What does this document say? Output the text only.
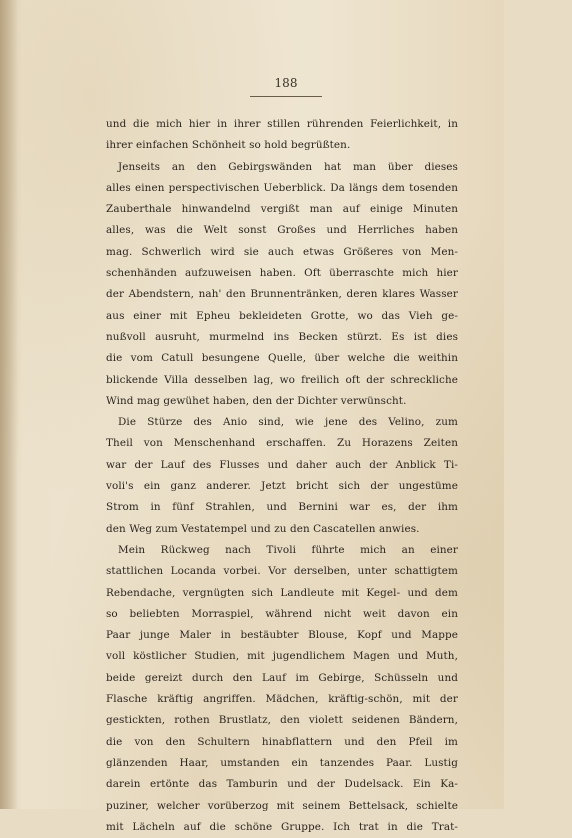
188
und die mich hier in ihrer stillen rührenden Feierlichkeit, in
ihrer einfachen Schönheit so hold begrüßten.
Jenseits an den Gebirgswänden hat man über dieses
alles einen perspectivischen Ueberblick. Da längs dem tosenden
Zauberthale hinwandelnd vergißt man auf einige Minuten
alles, was die Welt sonst Großes und Herrliches haben
mag. Schwerlich wird sie auch etwas Größeres von Men-
schenhänden aufzuweisen haben. Oft überraschte mich hier
der Abendstern, nah' den Brunnentränken, deren klares Wasser
aus einer mit Epheu bekleideten Grotte, wo das Vieh ge-
nußvoll ausruht, murmelnd ins Becken stürzt. Es ist dies
die vom Catull besungene Quelle, über welche die weithin
blickende Villa desselben lag, wo freilich oft der schreckliche
Wind mag gewühet haben, den der Dichter verwünscht.
Die Stürze des Anio sind, wie jene des Velino, zum
Theil von Menschenhand erschaffen. Zu Horazens Zeiten
war der Lauf des Flusses und daher auch der Anblick Ti-
voli's ein ganz anderer. Jetzt bricht sich der ungestüme
Strom in fünf Strahlen, und Bernini war es, der ihm
den Weg zum Vestatempel und zu den Cascatellen anwies.
Mein Rückweg nach Tivoli führte mich an einer
stattlichen Locanda vorbei. Vor derselben, unter schattigtem
Rebendache, vergnügten sich Landleute mit Kegel- und dem
so beliebten Morraspiel, während nicht weit davon ein
Paar junge Maler in bestäubter Blouse, Kopf und Mappe
voll köstlicher Studien, mit jugendlichem Magen und Muth,
beide gereizt durch den Lauf im Gebirge, Schüsseln und
Flasche kräftig angriffen. Mädchen, kräftig-schön, mit der
gestickten, rothen Brustlatz, den violett seidenen Bändern,
die von den Schultern hinabflattern und den Pfeil im
glänzenden Haar, umstanden ein tanzendes Paar. Lustig
darein ertönte das Tamburin und der Dudelsack. Ein Ka-
puziner, welcher vorüberzog mit seinem Bettelsack, schielte
mit Lächeln auf die schöne Gruppe. Ich trat in die Trat-
